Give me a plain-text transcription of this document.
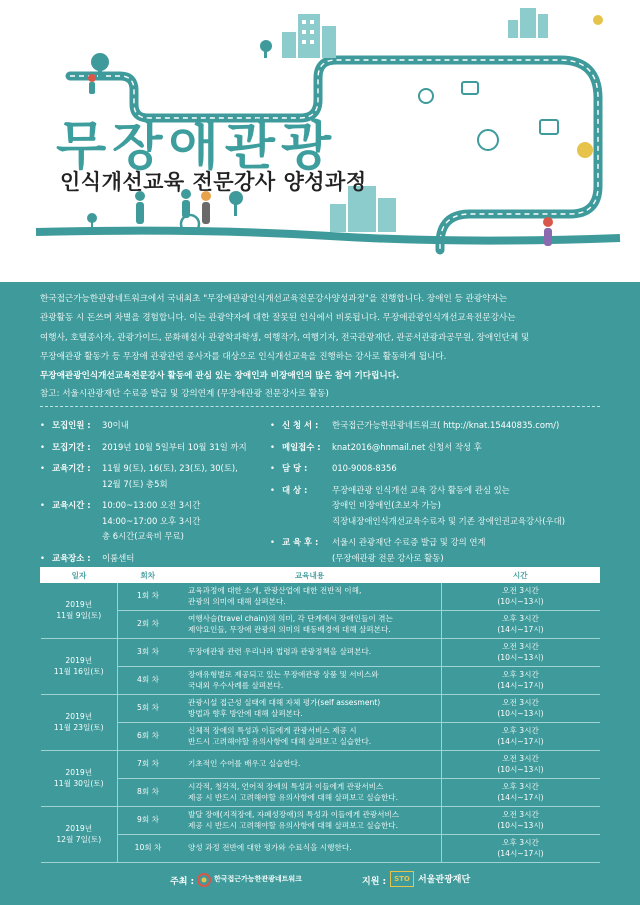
무장애관광
인식개선교육 전문강사 양성과정

한국접근가능한관광네트워크에서 국내최초 "무장애관광인식개선교육전문강사양성과정"을 진행합니다. 장애인 등 관광약자는

관광활동 시 돈쓰며 차별을 경험합니다. 이는 관광약자에 대한 잘못된 인식에서 비롯됩니다. 무장애관광인식개선교육전문강사는

여행사, 호텔종사자, 관광가이드, 문화해설사 관광학과학생, 여행작가, 여행기자, 전국관광재단, 관공서관광과공무원, 장애인단체 및

무장애관광 활동가 등 무장애 관광관련 종사자를 대상으로 인식개선교육을 진행하는 강사로 활동하게 됩니다.

무장애관광인식개선교육전문강사 활동에 관심 있는 장애인과 비장애인의 많은 참여 기다립니다.

참고: 서울시관광재단 수료증 발급 및 강의연계 (무장애관광 전문강사로 활동)
• 모집인원 :	30이내
• 모집기간 :	2019년 10월 5일부터 10월 31일 까지
• 교육기간 :	11월 9(토), 16(토), 23(토), 30(토),
12월 7(토) 총5회
• 교육시간 :	10:00~13:00 오전 3시간
14:00~17:00 오후 3시간
총 6시간(교육비 무료)
• 교육장소 :	이룸센터
• 신 청 서 :	한국접근가능한관광네트워크( http://knat.15440835.com/)
• 메일접수 :	knat2016@hnmail.net 신청서 작성 후
• 담 당 :	010-9008-8356
• 대 상 :	무장애관광 인식개선 교육 강사 활동에 관심 있는
장애인 비장애인(초보자 가능)
직장내장애인식개선교육수료자 및 기존 장애인권교육강사(우대)
• 교 육 후 :	서울시 관광재단 수료증 발급 및 강의 연계
(무장애관광 전문 강사로 활동)
일자	회차	교육내용	시간
2019년
11월 9일(토)	1회 차	교육과정에 대한 소개, 관광산업에 대한 전반적 이해,
관광의 의미에 대해 살펴본다.	오전 3시간
(10시~13시)
	2회 차	여행사슬(travel chain)의 의미, 각 단계에서 장애인들이 겪는
제약요인들, 무장애 관광의 의미의 태동배경에 대해 살펴본다.	오후 3시간
(14시~17시)
2019년
11월 16일(토)	3회 차	무장애관광 관련 우리나라 법령과 관광정책을 살펴본다.	오전 3시간
(10시~13시)
	4회 차	장애유형별로 제공되고 있는 무장애관광 상품 및 서비스와
국내외 우수사례를 살펴본다.	오후 3시간
(14시~17시)
2019년
11월 23일(토)	5회 차	관광시설 접근성 실태에 대해 자체 평가(self assesment)
방법과 향후 방안에 대해 살펴본다.	오전 3시간
(10시~13시)
	6회 차	신체적 장애의 특성과 이들에게 관광서비스 제공 시
반드시 고려해야할 유의사항에 대해 살펴보고 실습한다.	오후 3시간
(14시~17시)
2019년
11월 30일(토)	7회 차	기초적인 수어를 배우고 실습한다.	오전 3시간
(10시~13시)
	8회 차	시각적, 청각적, 언어적 장애의 특성과 이들에게 관광서비스
제공 시 반드시 고려해야할 유의사항에 대해 살펴보고 실습한다.	오후 3시간
(14시~17시)
2019년
12월 7일(토)	9회 차	발달 장애(지적장애, 자폐성장애)의 특성과 이들에게 관광서비스
제공 시 반드시 고려해야할 유의사항에 대해 살펴보고 실습한다.	오전 3시간
(10시~13시)
	10회 차	양성 과정 전반에 대한 평가와 수료식을 시행한다.	오후 3시간
(14시~17시)
주최 :	한국접근가능한관광네트워크	지원 :	STO 서울관광재단
